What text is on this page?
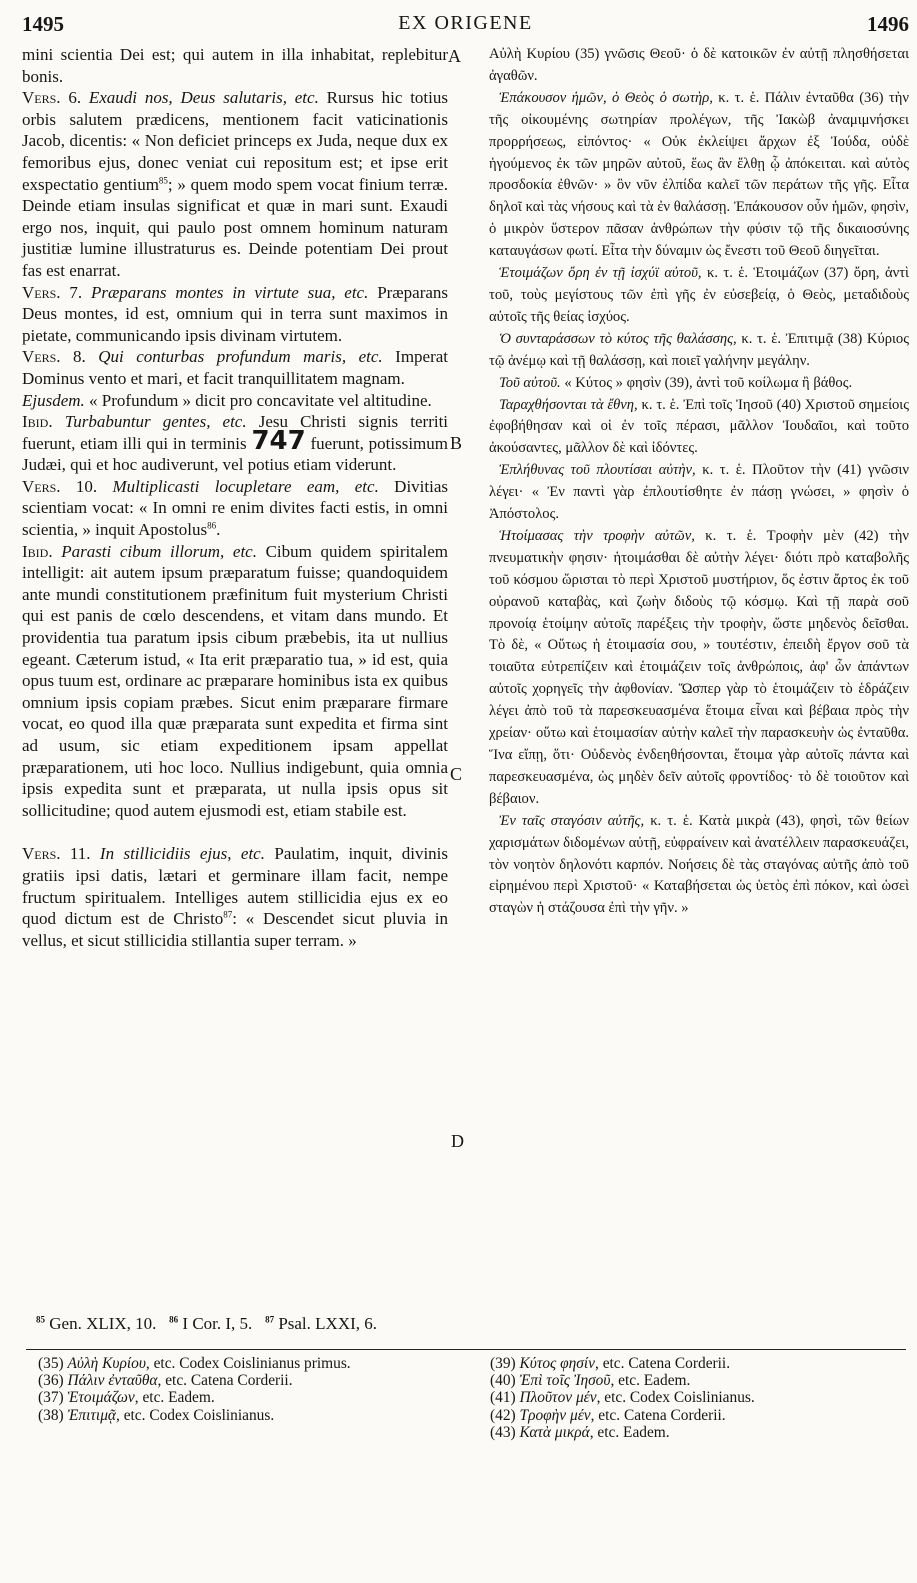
1495	EX ORIGENE	1496
A
B
C
D

mini scientia Dei est; qui autem in illa inhabitat, replebitur bonis.

Vers. 6. Exaudi nos, Deus salutaris, etc. Rursus hic totius orbis salutem prædicens, mentionem facit vaticinationis Jacob, dicentis: « Non deficiet princeps ex Juda, neque dux ex femoribus ejus, donec veniat cui repositum est; et ipse erit exspectatio gentium$^{85}$; » quem modo spem vocat finium terræ. Deinde etiam insulas significat et quæ in mari sunt. Exaudi ergo nos, inquit, qui paulo post omnem hominum naturam justitiæ lumine illustraturus es. Deinde potentiam Dei prout fas est enarrat.

Vers. 7. Præparans montes in virtute sua, etc. Præparans Deus montes, id est, omnium qui in terra sunt maximos in pietate, communicando ipsis divinam virtutem.

Vers. 8. Qui conturbas profundum maris, etc. Imperat Dominus vento et mari, et facit tranquillitatem magnam.

Ejusdem. « Profundum » dicit pro concavitate vel altitudine.

Ibid. Turbabuntur gentes, etc. Jesu Christi signis territi fuerunt, etiam illi qui in terminis 747 fuerunt, potissimum Judæi, qui et hoc audiverunt, vel potius etiam viderunt.

Vers. 10. Multiplicasti locupletare eam, etc. Divitias scientiam vocat: « In omni re enim divites facti estis, in omni scientia, » inquit Apostolus$^{86}$.

Ibid. Parasti cibum illorum, etc. Cibum quidem spiritalem intelligit: ait autem ipsum præparatum fuisse; quandoquidem ante mundi constitutionem præfinitum fuit mysterium Christi qui est panis de cœlo descendens, et vitam dans mundo. Et providentia tua paratum ipsis cibum præbebis, ita ut nullius egeant. Cæterum istud, « Ita erit præparatio tua, » id est, quia opus tuum est, ordinare ac præparare hominibus ista ex quibus omnium ipsis copiam præbes. Sicut enim præparare firmare vocat, eo quod illa quæ præparata sunt expedita et firma sint ad usum, sic etiam expeditionem ipsam appellat præparationem, uti hoc loco. Nullius indigebunt, quia omnia ipsis expedita sunt et præparata, ut nulla ipsis opus sit sollicitudine; quod autem ejusmodi est, etiam stabile est.

Vers. 11. In stillicidiis ejus, etc. Paulatim, inquit, divinis gratiis ipsi datis, lætari et germinare illam facit, nempe fructum spiritualem. Intelliges autem stillicidia ejus ex eo quod dictum est de Christo$^{87}$: « Descendet sicut pluvia in vellus, et sicut stillicidia stillantia super terram. »

Αὐλὴ Κυρίου (35) γνῶσις Θεοῦ· ὁ δὲ κατοικῶν ἐν αὐτῇ πλησθήσεται ἀγαθῶν.

Ἐπάκουσον ἡμῶν, ὁ Θεὸς ὁ σωτὴρ, κ. τ. ἑ. Πάλιν ἐνταῦθα (36) τὴν τῆς οἰκουμένης σωτηρίαν προλέγων, τῆς Ἰακὼβ ἀναμιμνήσκει προρρήσεως, εἰπόντος· « Οὐκ ἐκλείψει ἄρχων ἐξ Ἰούδα, οὐδὲ ἡγούμενος ἐκ τῶν μηρῶν αὐτοῦ, ἕως ἂν ἔλθῃ ᾧ ἀπόκειται. καὶ αὐτὸς προσδοκία ἐθνῶν· » ὃν νῦν ἐλπίδα καλεῖ τῶν περάτων τῆς γῆς. Εἶτα δηλοῖ καὶ τὰς νήσους καὶ τὰ ἐν θαλάσσῃ. Ἐπάκουσον οὖν ἡμῶν, φησὶν, ὁ μικρὸν ὕστερον πᾶσαν ἀνθρώπων τὴν φύσιν τῷ τῆς δικαιοσύνης καταυγάσων φωτί. Εἶτα τὴν δύναμιν ὡς ἔνεστι τοῦ Θεοῦ διηγεῖται.

Ἑτοιμάζων ὄρη ἐν τῇ ἰσχύϊ αὐτοῦ, κ. τ. ἑ. Ἑτοιμάζων (37) ὄρη, ἀντὶ τοῦ, τοὺς μεγίστους τῶν ἐπὶ γῆς ἐν εὐσεβείᾳ, ὁ Θεὸς, μεταδιδοὺς αὐτοῖς τῆς θείας ἰσχύος.

Ὁ συνταράσσων τὸ κύτος τῆς θαλάσσης, κ. τ. ἑ. Ἐπιτιμᾷ (38) Κύριος τῷ ἀνέμῳ καὶ τῇ θαλάσσῃ, καὶ ποιεῖ γαλήνην μεγάλην.

Τοῦ αὐτοῦ. « Κύτος » φησὶν (39), ἀντὶ τοῦ κοίλωμα ἢ βάθος.

Ταραχθήσονται τὰ ἔθνη, κ. τ. ἑ. Ἐπὶ τοῖς Ἰησοῦ (40) Χριστοῦ σημείοις ἐφοβήθησαν καὶ οἱ ἐν τοῖς πέρασι, μᾶλλον Ἰουδαῖοι, καὶ τοῦτο ἀκούσαντες, μᾶλλον δὲ καὶ ἰδόντες.

Ἐπλήθυνας τοῦ πλουτίσαι αὐτὴν, κ. τ. ἑ. Πλοῦτον τὴν (41) γνῶσιν λέγει· « Ἐν παντὶ γὰρ ἐπλουτίσθητε ἐν πάσῃ γνώσει, » φησὶν ὁ Ἀπόστολος.

Ἡτοίμασας τὴν τροφὴν αὐτῶν, κ. τ. ἑ. Τροφὴν μὲν (42) τὴν πνευματικὴν φησιν· ἡτοιμάσθαι δὲ αὐτὴν λέγει· διότι πρὸ καταβολῆς τοῦ κόσμου ὥρισται τὸ περὶ Χριστοῦ μυστήριον, ὅς ἐστιν ἄρτος ἐκ τοῦ οὐρανοῦ καταβὰς, καὶ ζωὴν διδοὺς τῷ κόσμῳ. Καὶ τῇ παρὰ σοῦ προνοίᾳ ἑτοίμην αὐτοῖς παρέξεις τὴν τροφὴν, ὥστε μηδενὸς δεῖσθαι. Τὸ δὲ, « Οὕτως ἡ ἑτοιμασία σου, » τουτέστιν, ἐπειδὴ ἔργον σοῦ τὰ τοιαῦτα εὐτρεπίζειν καὶ ἑτοιμάζειν τοῖς ἀνθρώποις, ἀφ' ὧν ἁπάντων αὐτοῖς χορηγεῖς τὴν ἀφθονίαν. Ὥσπερ γὰρ τὸ ἑτοιμάζειν τὸ ἑδράζειν λέγει ἀπὸ τοῦ τὰ παρεσκευασμένα ἕτοιμα εἶναι καὶ βέβαια πρὸς τὴν χρείαν· οὕτω καὶ ἑτοιμασίαν αὐτὴν καλεῖ τὴν παρασκευὴν ὡς ἐνταῦθα. Ἵνα εἴπῃ, ὅτι· Οὐδενὸς ἐνδεηθήσονται, ἕτοιμα γὰρ αὐτοῖς πάντα καὶ παρεσκευασμένα, ὡς μηδὲν δεῖν αὐτοῖς φροντίδος· τὸ δὲ τοιοῦτον καὶ βέβαιον.

Ἐν ταῖς σταγόσιν αὐτῆς, κ. τ. ἑ. Κατὰ μικρὰ (43), φησὶ, τῶν θείων χαρισμάτων διδομένων αὐτῇ, εὐφραίνειν καὶ ἀνατέλλειν παρασκευάζει, τὸν νοητὸν δηλονότι καρπόν. Νοήσεις δὲ τὰς σταγόνας αὐτῆς ἀπὸ τοῦ εἰρημένου περὶ Χριστοῦ· « Καταβήσεται ὡς ὑετὸς ἐπὶ πόκον, καὶ ὡσεὶ σταγὼν ἡ στάζουσα ἐπὶ τὴν γῆν. »

$^{85}$ Gen. XLIX, 10. $^{86}$ I Cor. I, 5. $^{87}$ Psal. LXXI, 6.
(35) Αὐλὴ Κυρίου, etc. Codex Coislinianus primus.
(36) Πάλιν ἐνταῦθα, etc. Catena Corderii.
(37) Ἑτοιμάζων, etc. Eadem.
(38) Ἐπιτιμᾷ, etc. Codex Coislinianus.
(39) Κύτος φησίν, etc. Catena Corderii.
(40) Ἐπὶ τοῖς Ἰησοῦ, etc. Eadem.
(41) Πλοῦτον μέν, etc. Codex Coislinianus.
(42) Τροφὴν μέν, etc. Catena Corderii.
(43) Κατὰ μικρά, etc. Eadem.
